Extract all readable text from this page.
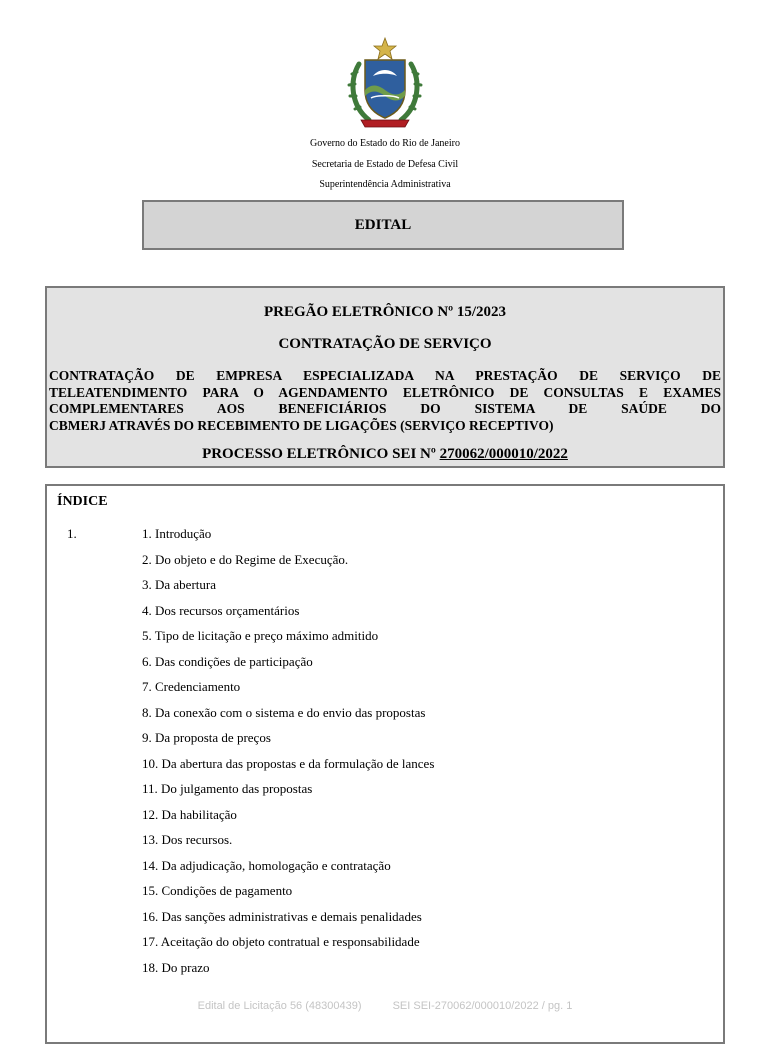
Governo do Estado do Rio de Janeiro
Secretaria de Estado de Defesa Civil
Superintendência Administrativa
EDITAL
PREGÃO ELETRÔNICO Nº 15/2023
CONTRATAÇÃO DE SERVIÇO
CONTRATAÇÃO DE EMPRESA ESPECIALIZADA NA PRESTAÇÃO DE SERVIÇO DE
TELEATENDIMENTO PARA O AGENDAMENTO ELETRÔNICO DE CONSULTAS E EXAMES
COMPLEMENTARES AOS BENEFICIÁRIOS DO SISTEMA DE SAÚDE DO
CBMERJ ATRAVÉS DO RECEBIMENTO DE LIGAÇÕES (SERVIÇO RECEPTIVO)
PROCESSO ELETRÔNICO SEI Nº 270062/000010/2022
ÍNDICE
1.	1. Introdução
2. Do objeto e do Regime de Execução.
3. Da abertura
4. Dos recursos orçamentários
5. Tipo de licitação e preço máximo admitido
6. Das condições de participação
7. Credenciamento
8. Da conexão com o sistema e do envio das propostas
9. Da proposta de preços
10. Da abertura das propostas e da formulação de lances
11. Do julgamento das propostas
12. Da habilitação
13. Dos recursos.
14. Da adjudicação, homologação e contratação
15. Condições de pagamento
16. Das sanções administrativas e demais penalidades
17. Aceitação do objeto contratual e responsabilidade
18. Do prazo
Edital de Licitação 56 (48300439)	SEI SEI-270062/000010/2022 / pg. 1
